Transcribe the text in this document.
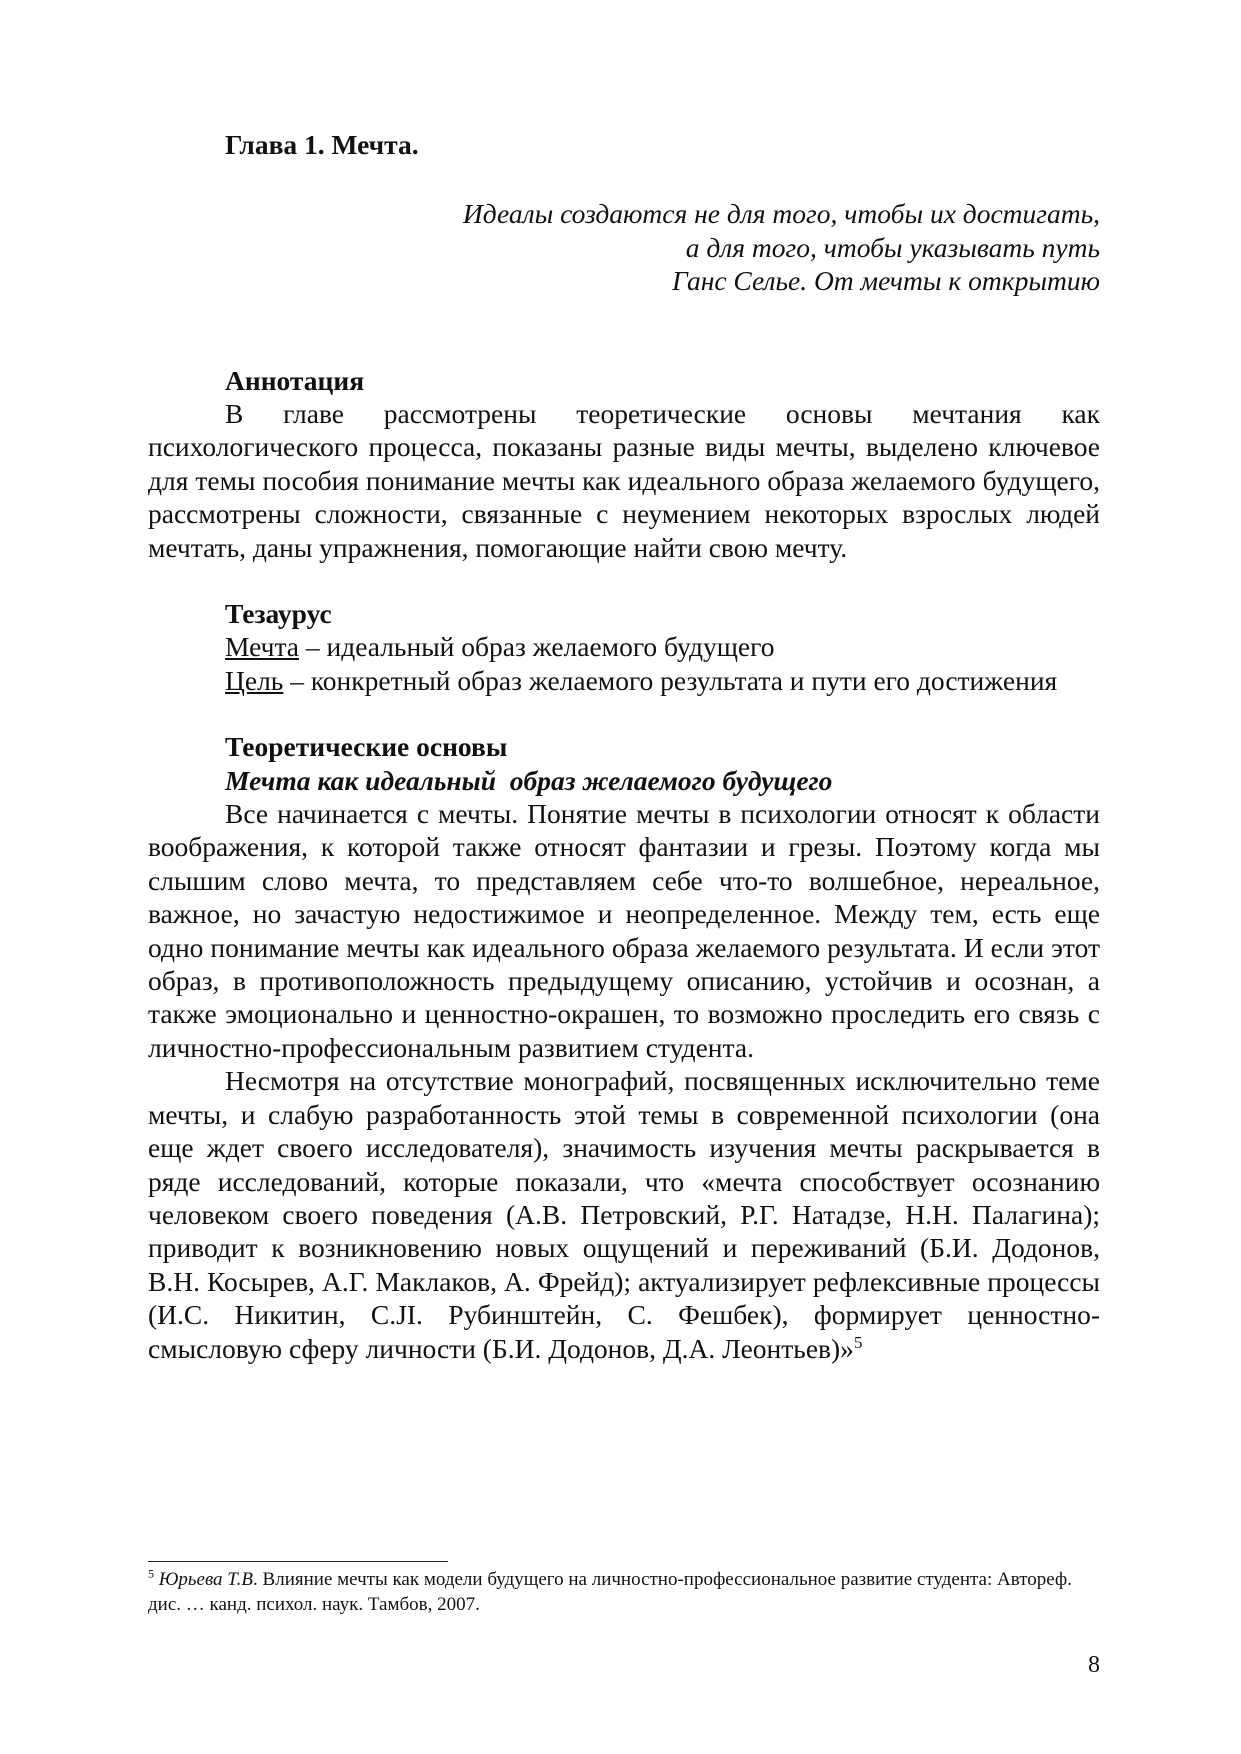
Глава 1. Мечта.
Идеалы создаются не для того, чтобы их достигать,
а для того, чтобы указывать путь
Ганс Селье. От мечты к открытию
Аннотация

В главе рассмотрены теоретические основы мечтания как психологического процесса, показаны разные виды мечты, выделено ключевое для темы пособия понимание мечты как идеального образа желаемого будущего, рассмотрены сложности, связанные с неумением некоторых взрослых людей мечтать, даны упражнения, помогающие найти свою мечту.

Тезаурус
Мечта – идеальный образ желаемого будущего

Цель – конкретный образ желаемого результата и пути его достижения

Теоретические основы
Мечта как идеальный  образ желаемого будущего

Все начинается с мечты. Понятие мечты в психологии относят к области воображения, к которой также относят фантазии и грезы. Поэтому когда мы слышим слово мечта, то представляем себе что-то волшебное, нереальное, важное, но зачастую недостижимое и неопределенное. Между тем, есть еще одно понимание мечты как идеального образа желаемого результата. И если этот образ, в противоположность предыдущему описанию, устойчив и осознан, а также эмоционально и ценностно-окрашен, то возможно проследить его связь с личностно-профессиональным развитием студента.

Несмотря на отсутствие монографий, посвященных исключительно теме мечты, и слабую разработанность этой темы в современной психологии (она еще ждет своего исследователя), значимость изучения мечты раскрывается в ряде исследований, которые показали, что «мечта способствует осознанию человеком своего поведения (А.В. Петровский, Р.Г. Натадзе, Н.Н. Палагина); приводит к возникновению новых ощущений и переживаний (Б.И. Додонов, В.Н. Косырев, А.Г. Маклаков, А. Фрейд); актуализирует рефлексивные процессы (И.С. Никитин, С.JI. Рубинштейн, С. Фешбек), формирует ценностно-смысловую сферу личности (Б.И. Додонов, Д.А. Леонтьев)»$^5$

$^5$ Юрьева Т.В. Влияние мечты как модели будущего на личностно-профессиональное развитие студента: Автореф. дис. … канд. психол. наук. Тамбов, 2007.
8
